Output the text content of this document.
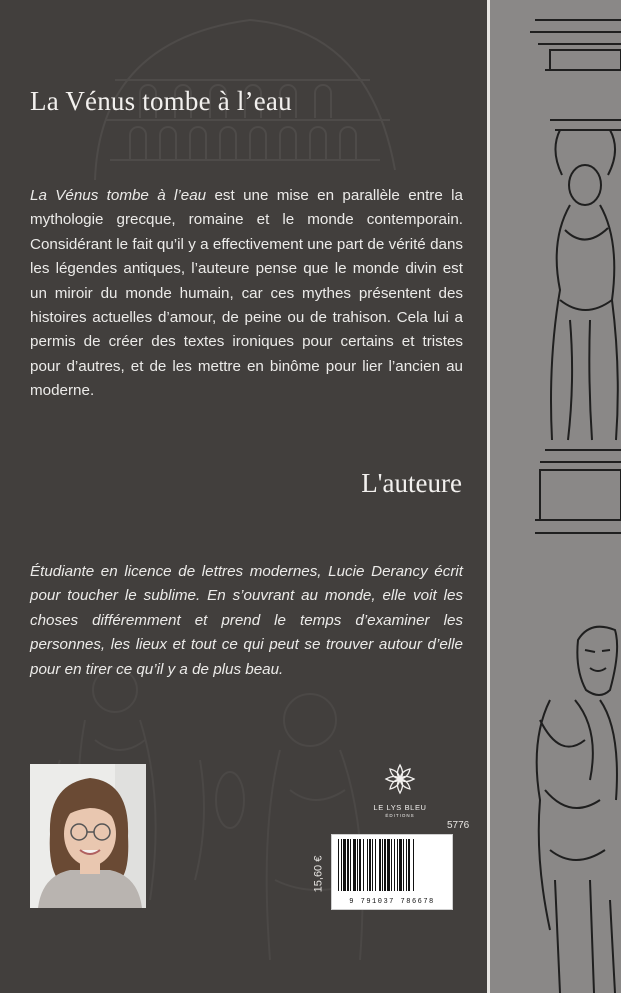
La Vénus tombe à l’eau
La Vénus tombe à l’eau est une mise en parallèle entre la mythologie grecque, romaine et le monde contemporain. Considérant le fait qu’il y a effectivement une part de vérité dans les légendes antiques, l’auteure pense que le monde divin est un miroir du monde humain, car ces mythes présentent des histoires actuelles d’amour, de peine ou de trahison. Cela lui a permis de créer des textes ironiques pour certains et tristes pour d’autres, et de les mettre en binôme pour lier l’ancien au moderne.
L'auteure
Étudiante en licence de lettres modernes, Lucie Derancy écrit pour toucher le sublime. En s’ouvrant au monde, elle voit les choses différemment et prend le temps d’examiner les personnes, les lieux et tout ce qui peut se trouver autour d’elle pour en tirer ce qu’il y a de plus beau.
LE LYS BLEU
ÉDITIONS
5776
15,60 €
9 791037 786678
